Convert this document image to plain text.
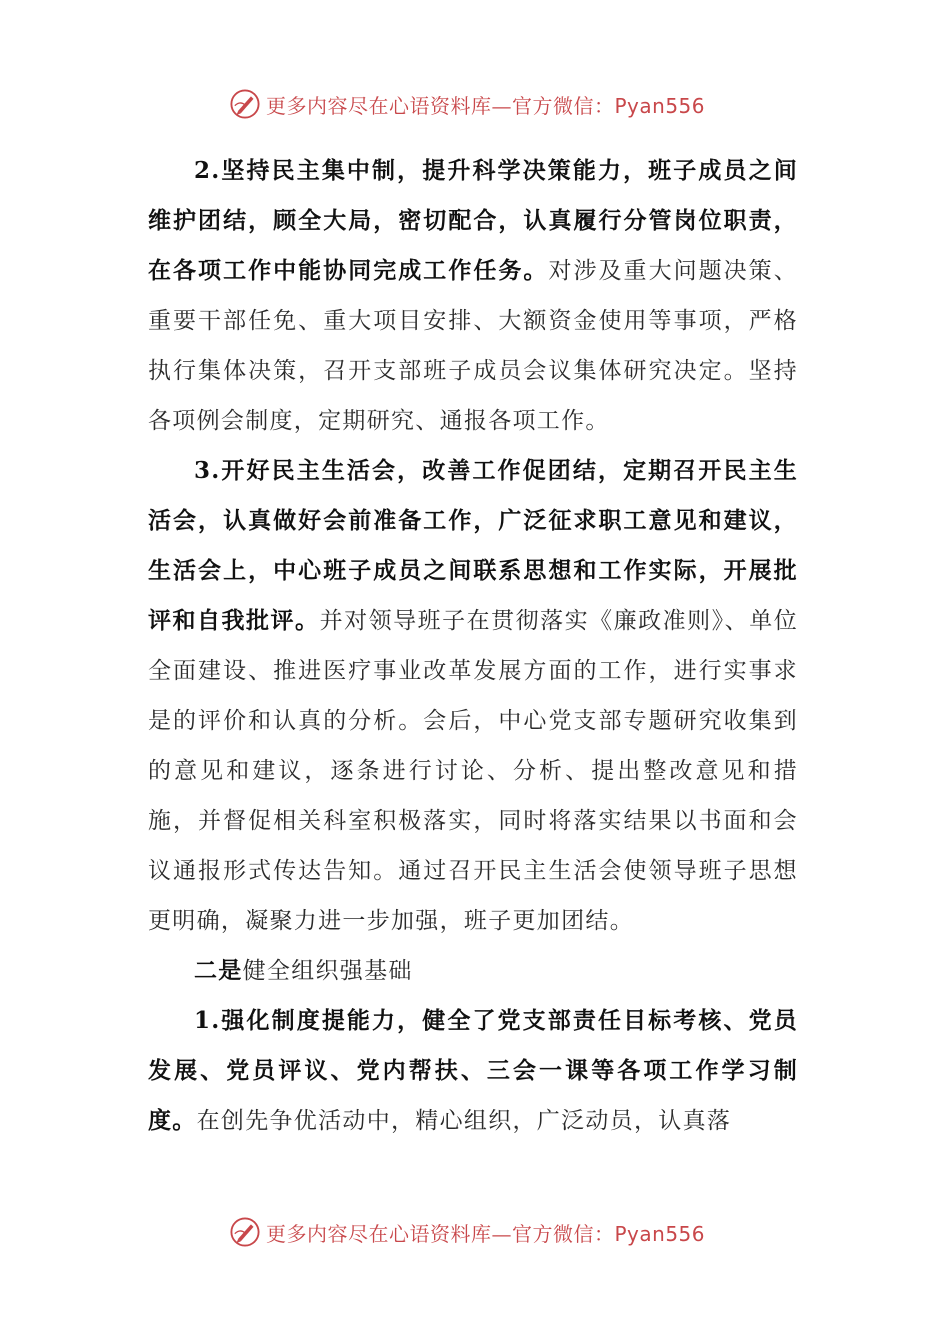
更多内容尽在心语资料库—官方微信：Pyan556

2.坚持民主集中制，提升科学决策能力，班子成员之间维护团结，顾全大局，密切配合，认真履行分管岗位职责，在各项工作中能协同完成工作任务。对涉及重大问题决策、重要干部任免、重大项目安排、大额资金使用等事项，严格执行集体决策，召开支部班子成员会议集体研究决定。坚持各项例会制度，定期研究、通报各项工作。

3.开好民主生活会，改善工作促团结，定期召开民主生活会，认真做好会前准备工作，广泛征求职工意见和建议，生活会上，中心班子成员之间联系思想和工作实际，开展批评和自我批评。并对领导班子在贯彻落实《廉政准则》、单位全面建设、推进医疗事业改革发展方面的工作，进行实事求是的评价和认真的分析。会后，中心党支部专题研究收集到的意见和建议，逐条进行讨论、分析、提出整改意见和措施，并督促相关科室积极落实，同时将落实结果以书面和会议通报形式传达告知。通过召开民主生活会使领导班子思想更明确，凝聚力进一步加强，班子更加团结。

二是健全组织强基础

1.强化制度提能力，健全了党支部责任目标考核、党员发展、党员评议、党内帮扶、三会一课等各项工作学习制度。在创先争优活动中，精心组织，广泛动员，认真落

更多内容尽在心语资料库—官方微信：Pyan556
